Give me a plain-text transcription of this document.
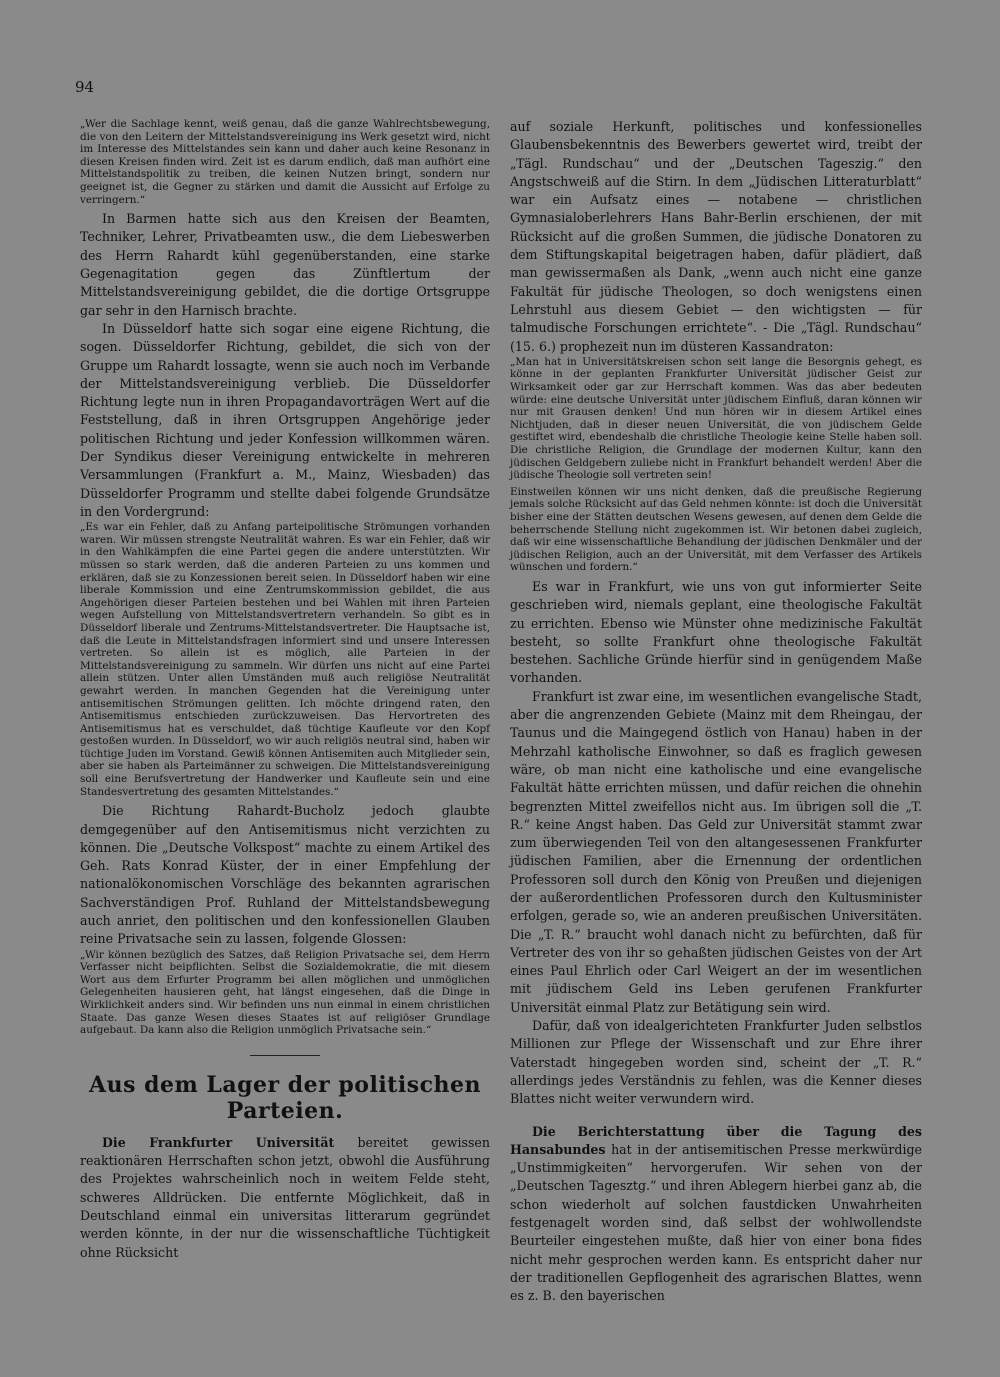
94

„Wer die Sachlage kennt, weiß genau, daß die ganze Wahlrechtsbewegung, die von den Leitern der Mittelstandsvereinigung ins Werk gesetzt wird, nicht im Interesse des Mittelstandes sein kann und daher auch keine Resonanz in diesen Kreisen finden wird. Zeit ist es darum endlich, daß man aufhört eine Mittelstandspolitik zu treiben, die keinen Nutzen bringt, sondern nur geeignet ist, die Gegner zu stärken und damit die Aussicht auf Erfolge zu verringern.“

In Barmen hatte sich aus den Kreisen der Beamten, Techniker, Lehrer, Privatbeamten usw., die dem Liebeswerben des Herrn Rahardt kühl gegenüberstanden, eine starke Gegenagitation gegen das Zünftlertum der Mittelstandsvereinigung gebildet, die die dortige Ortsgruppe gar sehr in den Harnisch brachte.

In Düsseldorf hatte sich sogar eine eigene Richtung, die sogen. Düsseldorfer Richtung, gebildet, die sich von der Gruppe um Rahardt lossagte, wenn sie auch noch im Verbande der Mittelstandsvereinigung verblieb. Die Düsseldorfer Richtung legte nun in ihren Propagandavorträgen Wert auf die Feststellung, daß in ihren Ortsgruppen Angehörige jeder politischen Richtung und jeder Konfession willkommen wären. Der Syndikus dieser Vereinigung entwickelte in mehreren Versammlungen (Frankfurt a. M., Mainz, Wiesbaden) das Düsseldorfer Programm und stellte dabei folgende Grundsätze in den Vordergrund:

„Es war ein Fehler, daß zu Anfang parteipolitische Strömungen vorhanden waren. Wir müssen strengste Neutralität wahren. Es war ein Fehler, daß wir in den Wahlkämpfen die eine Partei gegen die andere unterstützten. Wir müssen so stark werden, daß die anderen Parteien zu uns kommen und erklären, daß sie zu Konzessionen bereit seien. In Düsseldorf haben wir eine liberale Kommission und eine Zentrumskommission gebildet, die aus Angehörigen dieser Parteien bestehen und bei Wahlen mit ihren Parteien wegen Aufstellung von Mittelstandsvertretern verhandeln. So gibt es in Düsseldorf liberale und Zentrums-Mittelstandsvertreter. Die Hauptsache ist, daß die Leute in Mittelstandsfragen informiert sind und unsere Interessen vertreten. So allein ist es möglich, alle Parteien in der Mittelstandsvereinigung zu sammeln. Wir dürfen uns nicht auf eine Partei allein stützen. Unter allen Umständen muß auch religiöse Neutralität gewahrt werden. In manchen Gegenden hat die Vereinigung unter antisemitischen Strömungen gelitten. Ich möchte dringend raten, den Antisemitismus entschieden zurückzuweisen. Das Hervortreten des Antisemitismus hat es verschuldet, daß tüchtige Kaufleute vor den Kopf gestoßen wurden. In Düsseldorf, wo wir auch religiös neutral sind, haben wir tüchtige Juden im Vorstand. Gewiß können Antisemiten auch Mitglieder sein, aber sie haben als Parteimänner zu schweigen. Die Mittelstandsvereinigung soll eine Berufsvertretung der Handwerker und Kaufleute sein und eine Standesvertretung des gesamten Mittelstandes.“

Die Richtung Rahardt-Bucholz jedoch glaubte demgegenüber auf den Antisemitismus nicht verzichten zu können. Die „Deutsche Volkspost“ machte zu einem Artikel des Geh. Rats Konrad Küster, der in einer Empfehlung der nationalökonomischen Vorschläge des bekannten agrarischen Sachverständigen Prof. Ruhland der Mittelstandsbewegung auch anriet, den politischen und den konfessionellen Glauben reine Privatsache sein zu lassen, folgende Glossen:

„Wir können bezüglich des Satzes, daß Religion Privatsache sei, dem Herrn Verfasser nicht beipflichten. Selbst die Sozialdemokratie, die mit diesem Wort aus dem Erfurter Programm bei allen möglichen und unmöglichen Gelegenheiten hausieren geht, hat längst eingesehen, daß die Dinge in Wirklichkeit anders sind. Wir befinden uns nun einmal in einem christlichen Staate. Das ganze Wesen dieses Staates ist auf religiöser Grundlage aufgebaut. Da kann also die Religion unmöglich Privatsache sein.“

Aus dem Lager der politischen Parteien.

Die Frankfurter Universität bereitet gewissen reaktionären Herrschaften schon jetzt, obwohl die Ausführung des Projektes wahrscheinlich noch in weitem Felde steht, schweres Alldrücken. Die entfernte Möglichkeit, daß in Deutschland einmal ein universitas litterarum gegründet werden könnte, in der nur die wissenschaftliche Tüchtigkeit ohne Rücksicht

auf soziale Herkunft, politisches und konfessionelles Glaubensbekenntnis des Bewerbers gewertet wird, treibt der „Tägl. Rundschau“ und der „Deutschen Tageszig.“ den Angstschweiß auf die Stirn. In dem „Jüdischen Litteraturblatt“ war ein Aufsatz eines — notabene — christlichen Gymnasialoberlehrers Hans Bahr-Berlin erschienen, der mit Rücksicht auf die großen Summen, die jüdische Donatoren zu dem Stiftungskapital beigetragen haben, dafür plädiert, daß man gewissermaßen als Dank, „wenn auch nicht eine ganze Fakultät für jüdische Theologen, so doch wenigstens einen Lehrstuhl aus diesem Gebiet — den wichtigsten — für talmudische Forschungen errichtete“. - Die „Tägl. Rundschau“ (15. 6.) prophezeit nun im düsteren Kassandraton:

„Man hat in Universitätskreisen schon seit lange die Besorgnis gehegt, es könne in der geplanten Frankfurter Universität jüdischer Geist zur Wirksamkeit oder gar zur Herrschaft kommen. Was das aber bedeuten würde: eine deutsche Universität unter jüdischem Einfluß, daran können wir nur mit Grausen denken! Und nun hören wir in diesem Artikel eines Nichtjuden, daß in dieser neuen Universität, die von jüdischem Gelde gestiftet wird, ebendeshalb die christliche Theologie keine Stelle haben soll. Die christliche Religion, die Grundlage der modernen Kultur, kann den jüdischen Geldgebern zuliebe nicht in Frankfurt behandelt werden! Aber die jüdische Theologie soll vertreten sein!

Einstweilen können wir uns nicht denken, daß die preußische Regierung jemals solche Rücksicht auf das Geld nehmen könnte: ist doch die Universität bisher eine der Stätten deutschen Wesens gewesen, auf denen dem Gelde die beherrschende Stellung nicht zugekommen ist. Wir betonen dabei zugleich, daß wir eine wissenschaftliche Behandlung der jüdischen Denkmäler und der jüdischen Religion, auch an der Universität, mit dem Verfasser des Artikels wünschen und fordern.“

Es war in Frankfurt, wie uns von gut informierter Seite geschrieben wird, niemals geplant, eine theologische Fakultät zu errichten. Ebenso wie Münster ohne medizinische Fakultät besteht, so sollte Frankfurt ohne theologische Fakultät bestehen. Sachliche Gründe hierfür sind in genügendem Maße vorhanden.

Frankfurt ist zwar eine, im wesentlichen evangelische Stadt, aber die angrenzenden Gebiete (Mainz mit dem Rheingau, der Taunus und die Maingegend östlich von Hanau) haben in der Mehrzahl katholische Einwohner, so daß es fraglich gewesen wäre, ob man nicht eine katholische und eine evangelische Fakultät hätte errichten müssen, und dafür reichen die ohnehin begrenzten Mittel zweifellos nicht aus. Im übrigen soll die „T. R.“ keine Angst haben. Das Geld zur Universität stammt zwar zum überwiegenden Teil von den altangesessenen Frankfurter jüdischen Familien, aber die Ernennung der ordentlichen Professoren soll durch den König von Preußen und diejenigen der außerordentlichen Professoren durch den Kultusminister erfolgen, gerade so, wie an anderen preußischen Universitäten. Die „T. R.“ braucht wohl danach nicht zu befürchten, daß für Vertreter des von ihr so gehaßten jüdischen Geistes von der Art eines Paul Ehrlich oder Carl Weigert an der im wesentlichen mit jüdischem Geld ins Leben gerufenen Frankfurter Universität einmal Platz zur Betätigung sein wird.

Dafür, daß von idealgerichteten Frankfurter Juden selbstlos Millionen zur Pflege der Wissenschaft und zur Ehre ihrer Vaterstadt hingegeben worden sind, scheint der „T. R.“ allerdings jedes Verständnis zu fehlen, was die Kenner dieses Blattes nicht weiter verwundern wird.

Die Berichterstattung über die Tagung des Hansabundes hat in der antisemitischen Presse merkwürdige „Unstimmigkeiten“ hervorgerufen. Wir sehen von der „Deutschen Tagesztg.“ und ihren Ablegern hierbei ganz ab, die schon wiederholt auf solchen faustdicken Unwahrheiten festgenagelt worden sind, daß selbst der wohlwollendste Beurteiler eingestehen mußte, daß hier von einer bona fides nicht mehr gesprochen werden kann. Es entspricht daher nur der traditionellen Gepflogenheit des agrarischen Blattes, wenn es z. B. den bayerischen
